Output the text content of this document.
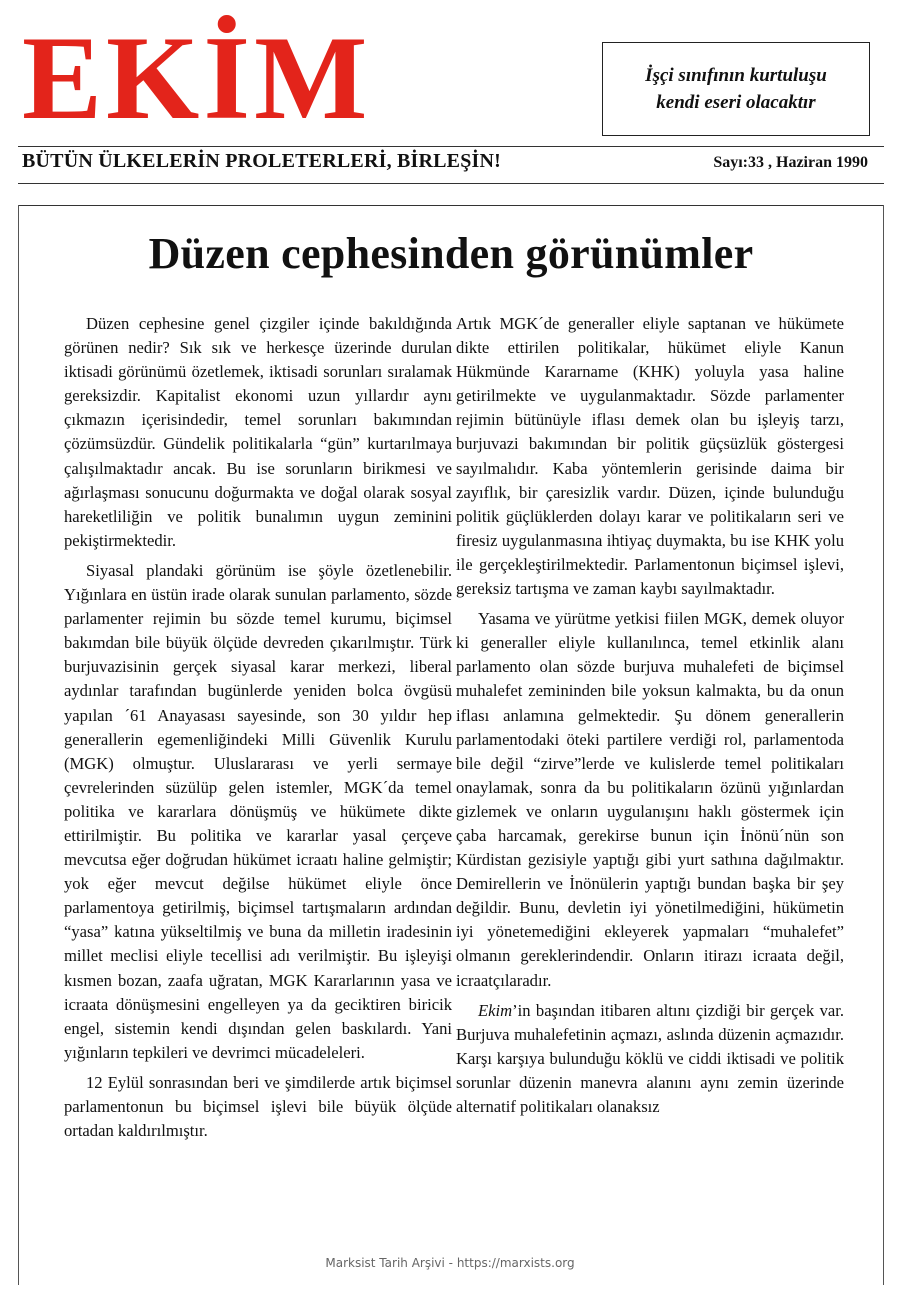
EKİM	İşçi sınıfının kurtuluşu
kendi eseri olacaktır
BÜTÜN ÜLKELERİN PROLETERLERİ, BİRLEŞİN!	Sayı:33 , Haziran 1990
Düzen cephesinden görünümler

Düzen cephesine genel çizgiler içinde bakıldığında görünen nedir? Sık sık ve herkesçe üzerinde durulan iktisadi görünümü özetlemek, iktisadi sorunları sıralamak gereksizdir. Kapitalist ekonomi uzun yıllardır aynı çıkmazın içerisindedir, temel sorunları bakımından çözümsüzdür. Gündelik politikalarla “gün” kurtarılmaya çalışılmaktadır ancak. Bu ise sorunların birikmesi ve ağırlaşması sonucunu doğurmakta ve doğal olarak sosyal hareketliliğin ve politik bunalımın uygun zeminini pekiştirmektedir.

Siyasal plandaki görünüm ise şöyle özetlenebilir. Yığınlara en üstün irade olarak sunulan parlamento, sözde parlamenter rejimin bu sözde temel kurumu, biçimsel bakımdan bile büyük ölçüde devreden çıkarılmıştır. Türk burjuvazisinin gerçek siyasal karar merkezi, liberal aydınlar tarafından bugünlerde yeniden bolca övgüsü yapılan ´61 Anayasası sayesinde, son 30 yıldır hep generallerin egemenliğindeki Milli Güvenlik Kurulu (MGK) olmuştur. Uluslararası ve yerli sermaye çevrelerinden süzülüp gelen istemler, MGK´da temel politika ve kararlara dönüşmüş ve hükümete dikte ettirilmiştir. Bu politika ve kararlar yasal çerçeve mevcutsa eğer doğrudan hükümet icraatı haline gelmiştir; yok eğer mevcut değilse hükümet eliyle önce parlamentoya getirilmiş, biçimsel tartışmaların ardından “yasa” katına yükseltilmiş ve buna da milletin iradesinin millet meclisi eliyle tecellisi adı verilmiştir. Bu işleyişi kısmen bozan, zaafa uğratan, MGK Kararlarının yasa ve icraata dönüşmesini engelleyen ya da geciktiren biricik engel, sistemin kendi dışından gelen baskılardı. Yani yığınların tepkileri ve devrimci mücadeleleri.

12 Eylül sonrasından beri ve şimdilerde artık biçimsel parlamentonun bu biçimsel işlevi bile büyük ölçüde ortadan kaldırılmıştır.

Artık MGK´de generaller eliyle saptanan ve hükümete dikte ettirilen politikalar, hükümet eliyle Kanun Hükmünde Kararname (KHK) yoluyla yasa haline getirilmekte ve uygulanmaktadır. Sözde parlamenter rejimin bütünüyle iflası demek olan bu işleyiş tarzı, burjuvazi bakımından bir politik güçsüzlük göstergesi sayılmalıdır. Kaba yöntemlerin gerisinde daima bir zayıflık, bir çaresizlik vardır. Düzen, içinde bulunduğu politik güçlüklerden dolayı karar ve politikaların seri ve firesiz uygulanmasına ihtiyaç duymakta, bu ise KHK yolu ile gerçekleştirilmektedir. Parlamentonun biçimsel işlevi, gereksiz tartışma ve zaman kaybı sayılmaktadır.

Yasama ve yürütme yetkisi fiilen MGK, demek oluyor ki generaller eliyle kullanılınca, temel etkinlik alanı parlamento olan sözde burjuva muhalefeti de biçimsel muhalefet zemininden bile yoksun kalmakta, bu da onun iflası anlamına gelmektedir. Şu dönem generallerin parlamentodaki öteki partilere verdiği rol, parlamentoda bile değil “zirve”lerde ve kulislerde temel politikaları onaylamak, sonra da bu politikaların özünü yığınlardan gizlemek ve onların uygulanışını haklı göstermek için çaba harcamak, gerekirse bunun için İnönü´nün son Kürdistan gezisiyle yaptığı gibi yurt sathına dağılmaktır. Demirellerin ve İnönülerin yaptığı bundan başka bir şey değildir. Bunu, devletin iyi yönetilmediğini, hükümetin iyi yönetemediğini ekleyerek yapmaları “muhalefet” olmanın gereklerindendir. Onların itirazı icraata değil, icraatçılaradır.

Ekim’in başından itibaren altını çizdiği bir gerçek var. Burjuva muhalefetinin açmazı, aslında düzenin açmazıdır. Karşı karşıya bulunduğu köklü ve ciddi iktisadi ve politik sorunlar düzenin manevra alanını aynı zemin üzerinde alternatif politikaları olanaksız

Marksist Tarih Arşivi - https://marxists.org
